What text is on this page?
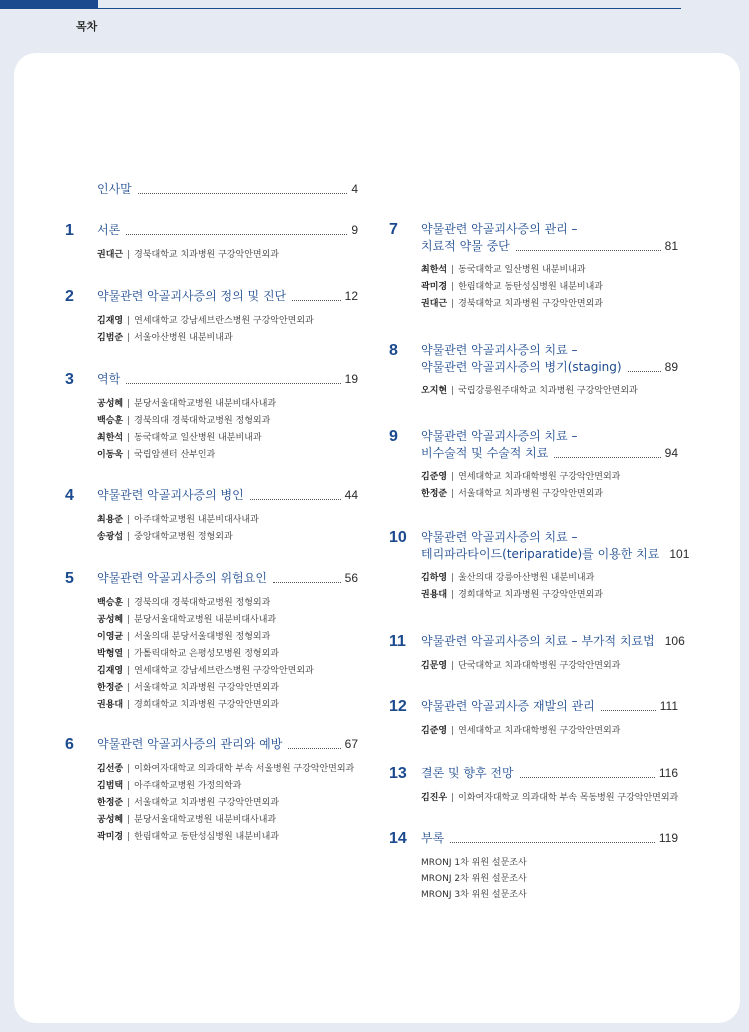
목차
인사말	4
1	서론	9
권대근 | 경북대학교 치과병원 구강악안면외과
2	약물관련 악골괴사증의 정의 및 진단	12
김재영 | 연세대학교 강남세브란스병원 구강악안면외과
김범준 | 서울아산병원 내분비내과
3	역학	19
공성혜 | 분당서울대학교병원 내분비대사내과
백승훈 | 경북의대 경북대학교병원 정형외과
최한석 | 동국대학교 일산병원 내분비내과
이동욱 | 국립암센터 산부인과
4	약물관련 악골괴사증의 병인	44
최용준 | 아주대학교병원 내분비대사내과
송광섭 | 중앙대학교병원 정형외과
5	약물관련 악골괴사증의 위험요인	56
백승훈 | 경북의대 경북대학교병원 정형외과
공성혜 | 분당서울대학교병원 내분비대사내과
이영균 | 서울의대 분당서울대병원 정형외과
박형열 | 가톨릭대학교 은평성모병원 정형외과
김재영 | 연세대학교 강남세브란스병원 구강악안면외과
한정준 | 서울대학교 치과병원 구강악안면외과
권용대 | 경희대학교 치과병원 구강악안면외과
6	약물관련 악골괴사증의 관리와 예방	67
김선종 | 이화여자대학교 의과대학 부속 서울병원 구강악안면외과
김범택 | 아주대학교병원 가정의학과
한정준 | 서울대학교 치과병원 구강악안면외과
공성혜 | 분당서울대학교병원 내분비대사내과
곽미경 | 한림대학교 동탄성심병원 내분비내과
7	약물관련 악골괴사증의 관리 –
치료적 약물 중단	81
최한석 | 동국대학교 일산병원 내분비내과
곽미경 | 한림대학교 동탄성심병원 내분비내과
권대근 | 경북대학교 치과병원 구강악안면외과
8	약물관련 악골괴사증의 치료 –
약물관련 악골괴사증의 병기(staging)	89
오지현 | 국립강릉원주대학교 치과병원 구강악안면외과
9	약물관련 악골괴사증의 치료 –
비수술적 및 수술적 치료	94
김준영 | 연세대학교 치과대학병원 구강악안면외과
한정준 | 서울대학교 치과병원 구강악안면외과
10	약물관련 악골괴사증의 치료 –
테리파라타이드(teriparatide)를 이용한 치료 101
김하영 | 울산의대 강릉아산병원 내분비내과
권용대 | 경희대학교 치과병원 구강악안면외과
11	약물관련 악골괴사증의 치료 – 부가적 치료법 106
김문영 | 단국대학교 치과대학병원 구강악안면외과
12	약물관련 악골괴사증 재발의 관리	111
김준영 | 연세대학교 치과대학병원 구강악안면외과
13	결론 및 향후 전망	116
김진우 | 이화여자대학교 의과대학 부속 목동병원 구강악안면외과
14	부록	119
MRONJ 1차 위원 설문조사
MRONJ 2차 위원 설문조사
MRONJ 3차 위원 설문조사
